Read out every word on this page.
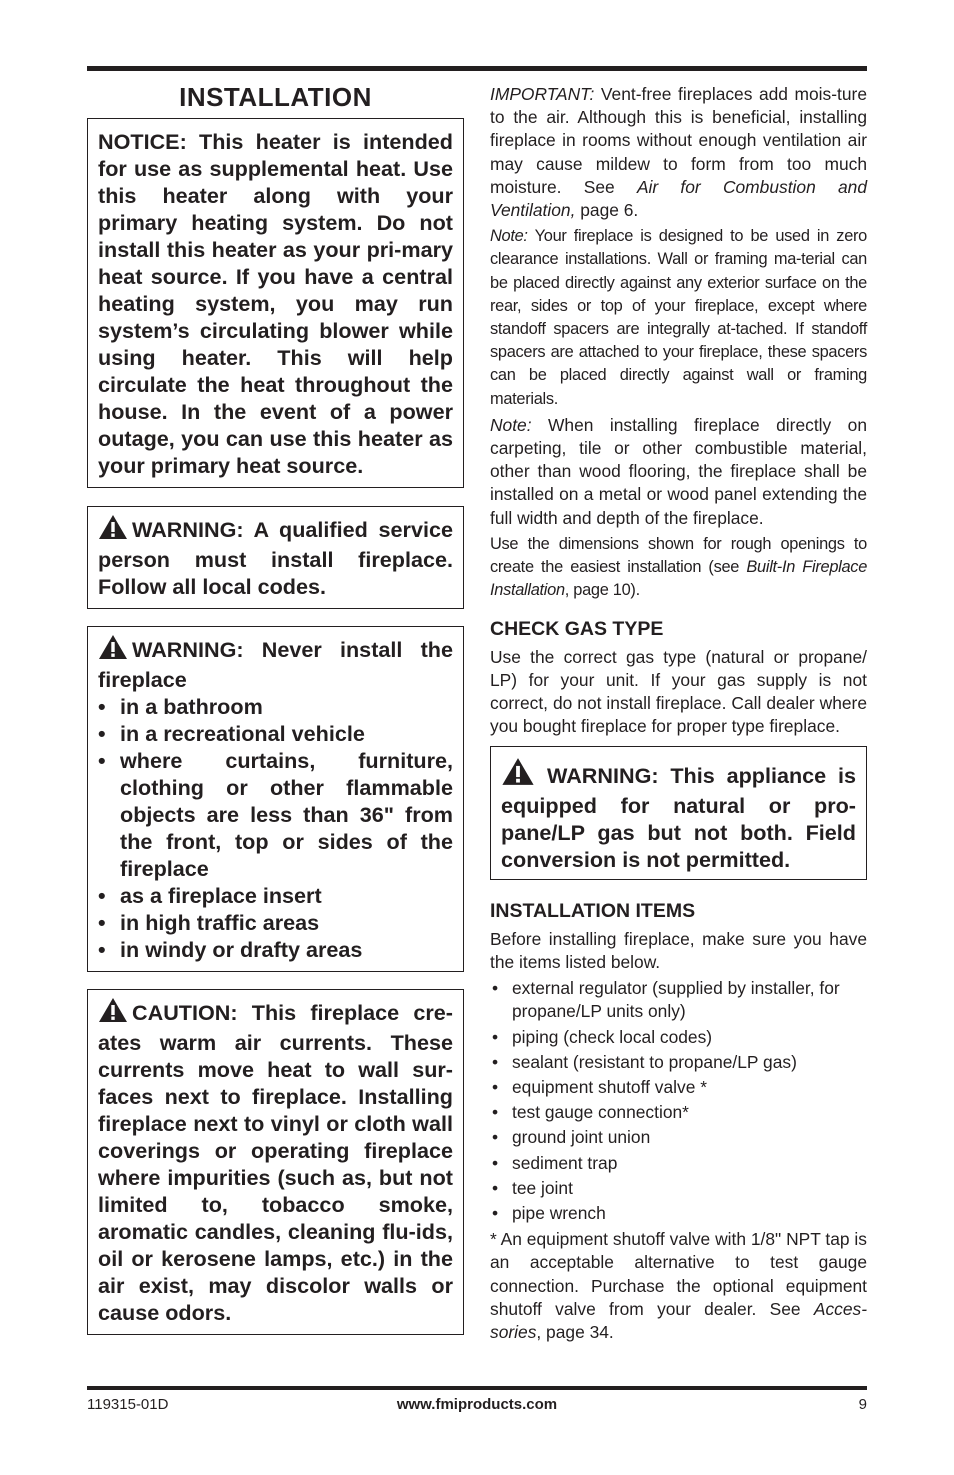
INSTALLATION
NOTICE: This heater is intended for use as supplemental heat. Use this heater along with your primary heating system. Do not install this heater as your pri-mary heat source. If you have a central heating system, you may run system’s circulating blower while using heater. This will help circulate the heat throughout the house. In the event of a power outage, you can use this heater as your primary heat source.
WARNING: A qualified service person must install fireplace. Follow all local codes.
WARNING: Never install the fireplace
• in a bathroom
• in a recreational vehicle
• where curtains, furniture, clothing or other flammable objects are less than 36" from the front, top or sides of the fireplace
• as a fireplace insert
• in high traffic areas
• in windy or drafty areas
CAUTION: This fireplace cre-ates warm air currents. These currents move heat to wall sur-faces next to fireplace. Installing fireplace next to vinyl or cloth wall coverings or operating fireplace where impurities (such as, but not limited to, tobacco smoke, aromatic candles, cleaning flu-ids, oil or kerosene lamps, etc.) in the air exist, may discolor walls or cause odors.

IMPORTANT: Vent-free fireplaces add mois-ture to the air. Although this is beneficial, installing fireplace in rooms without enough ventilation air may cause mildew to form from too much moisture. See Air for Combustion and Ventilation, page 6.

Note: Your fireplace is designed to be used in zero clearance installations. Wall or framing ma-terial can be placed directly against any exterior surface on the rear, sides or top of your fireplace, except where standoff spacers are integrally at-tached. If standoff spacers are attached to your fireplace, these spacers can be placed directly against wall or framing materials.

Note: When installing fireplace directly on carpeting, tile or other combustible material, other than wood flooring, the fireplace shall be installed on a metal or wood panel extending the full width and depth of the fireplace.

Use the dimensions shown for rough openings to create the easiest installation (see Built-In Fireplace Installation, page 10).

CHECK GAS TYPE

Use the correct gas type (natural or propane/ LP) for your unit. If your gas supply is not correct, do not install fireplace. Call dealer where you bought fireplace for proper type fireplace.

WARNING: This appliance is equipped for natural or pro-pane/LP gas but not both. Field conversion is not permitted.
INSTALLATION ITEMS

Before installing fireplace, make sure you have the items listed below.

• external regulator (supplied by installer, for propane/LP units only)
• piping (check local codes)
• sealant (resistant to propane/LP gas)
• equipment shutoff valve *
• test gauge connection*
• ground joint union
• sediment trap
• tee joint
• pipe wrench

* An equipment shutoff valve with 1/8" NPT tap is an acceptable alternative to test gauge connection. Purchase the optional equipment shutoff valve from your dealer. See Acces-sories, page 34.

119315-01D	www.fmiproducts.com	9
